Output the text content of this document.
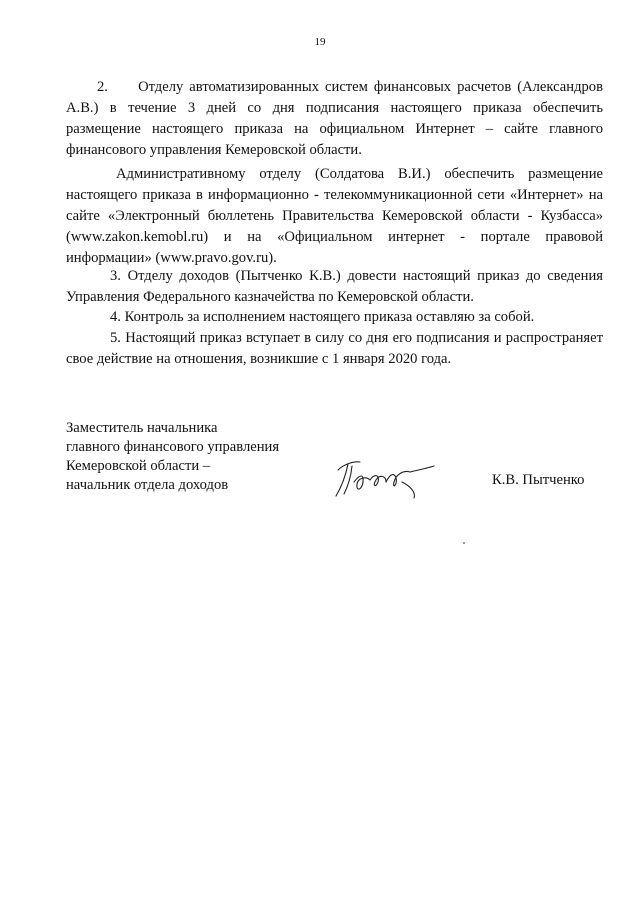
19

2.     Отделу автоматизированных систем финансовых расчетов (Александров А.В.) в течение 3 дней со дня подписания настоящего приказа обеспечить размещение настоящего приказа на официальном Интернет – сайте главного финансового управления Кемеровской области.

Административному отделу (Солдатова В.И.) обеспечить размещение настоящего приказа в информационно - телекоммуникационной сети «Интернет» на сайте «Электронный бюллетень Правительства Кемеровской области - Кузбасса» (www.zakon.kemobl.ru) и на «Официальном интернет - портале правовой информации» (www.pravo.gov.ru).

3. Отделу доходов (Пытченко К.В.) довести настоящий приказ до сведения Управления Федерального казначейства по Кемеровской области.

4. Контроль за исполнением настоящего приказа оставляю за собой.

5. Настоящий приказ вступает в силу со дня его подписания и распространяет свое действие на отношения, возникшие с 1 января 2020 года.

Заместитель начальника
главного финансового управления
Кемеровской области –
начальник отдела доходов	К.В. Пытченко
